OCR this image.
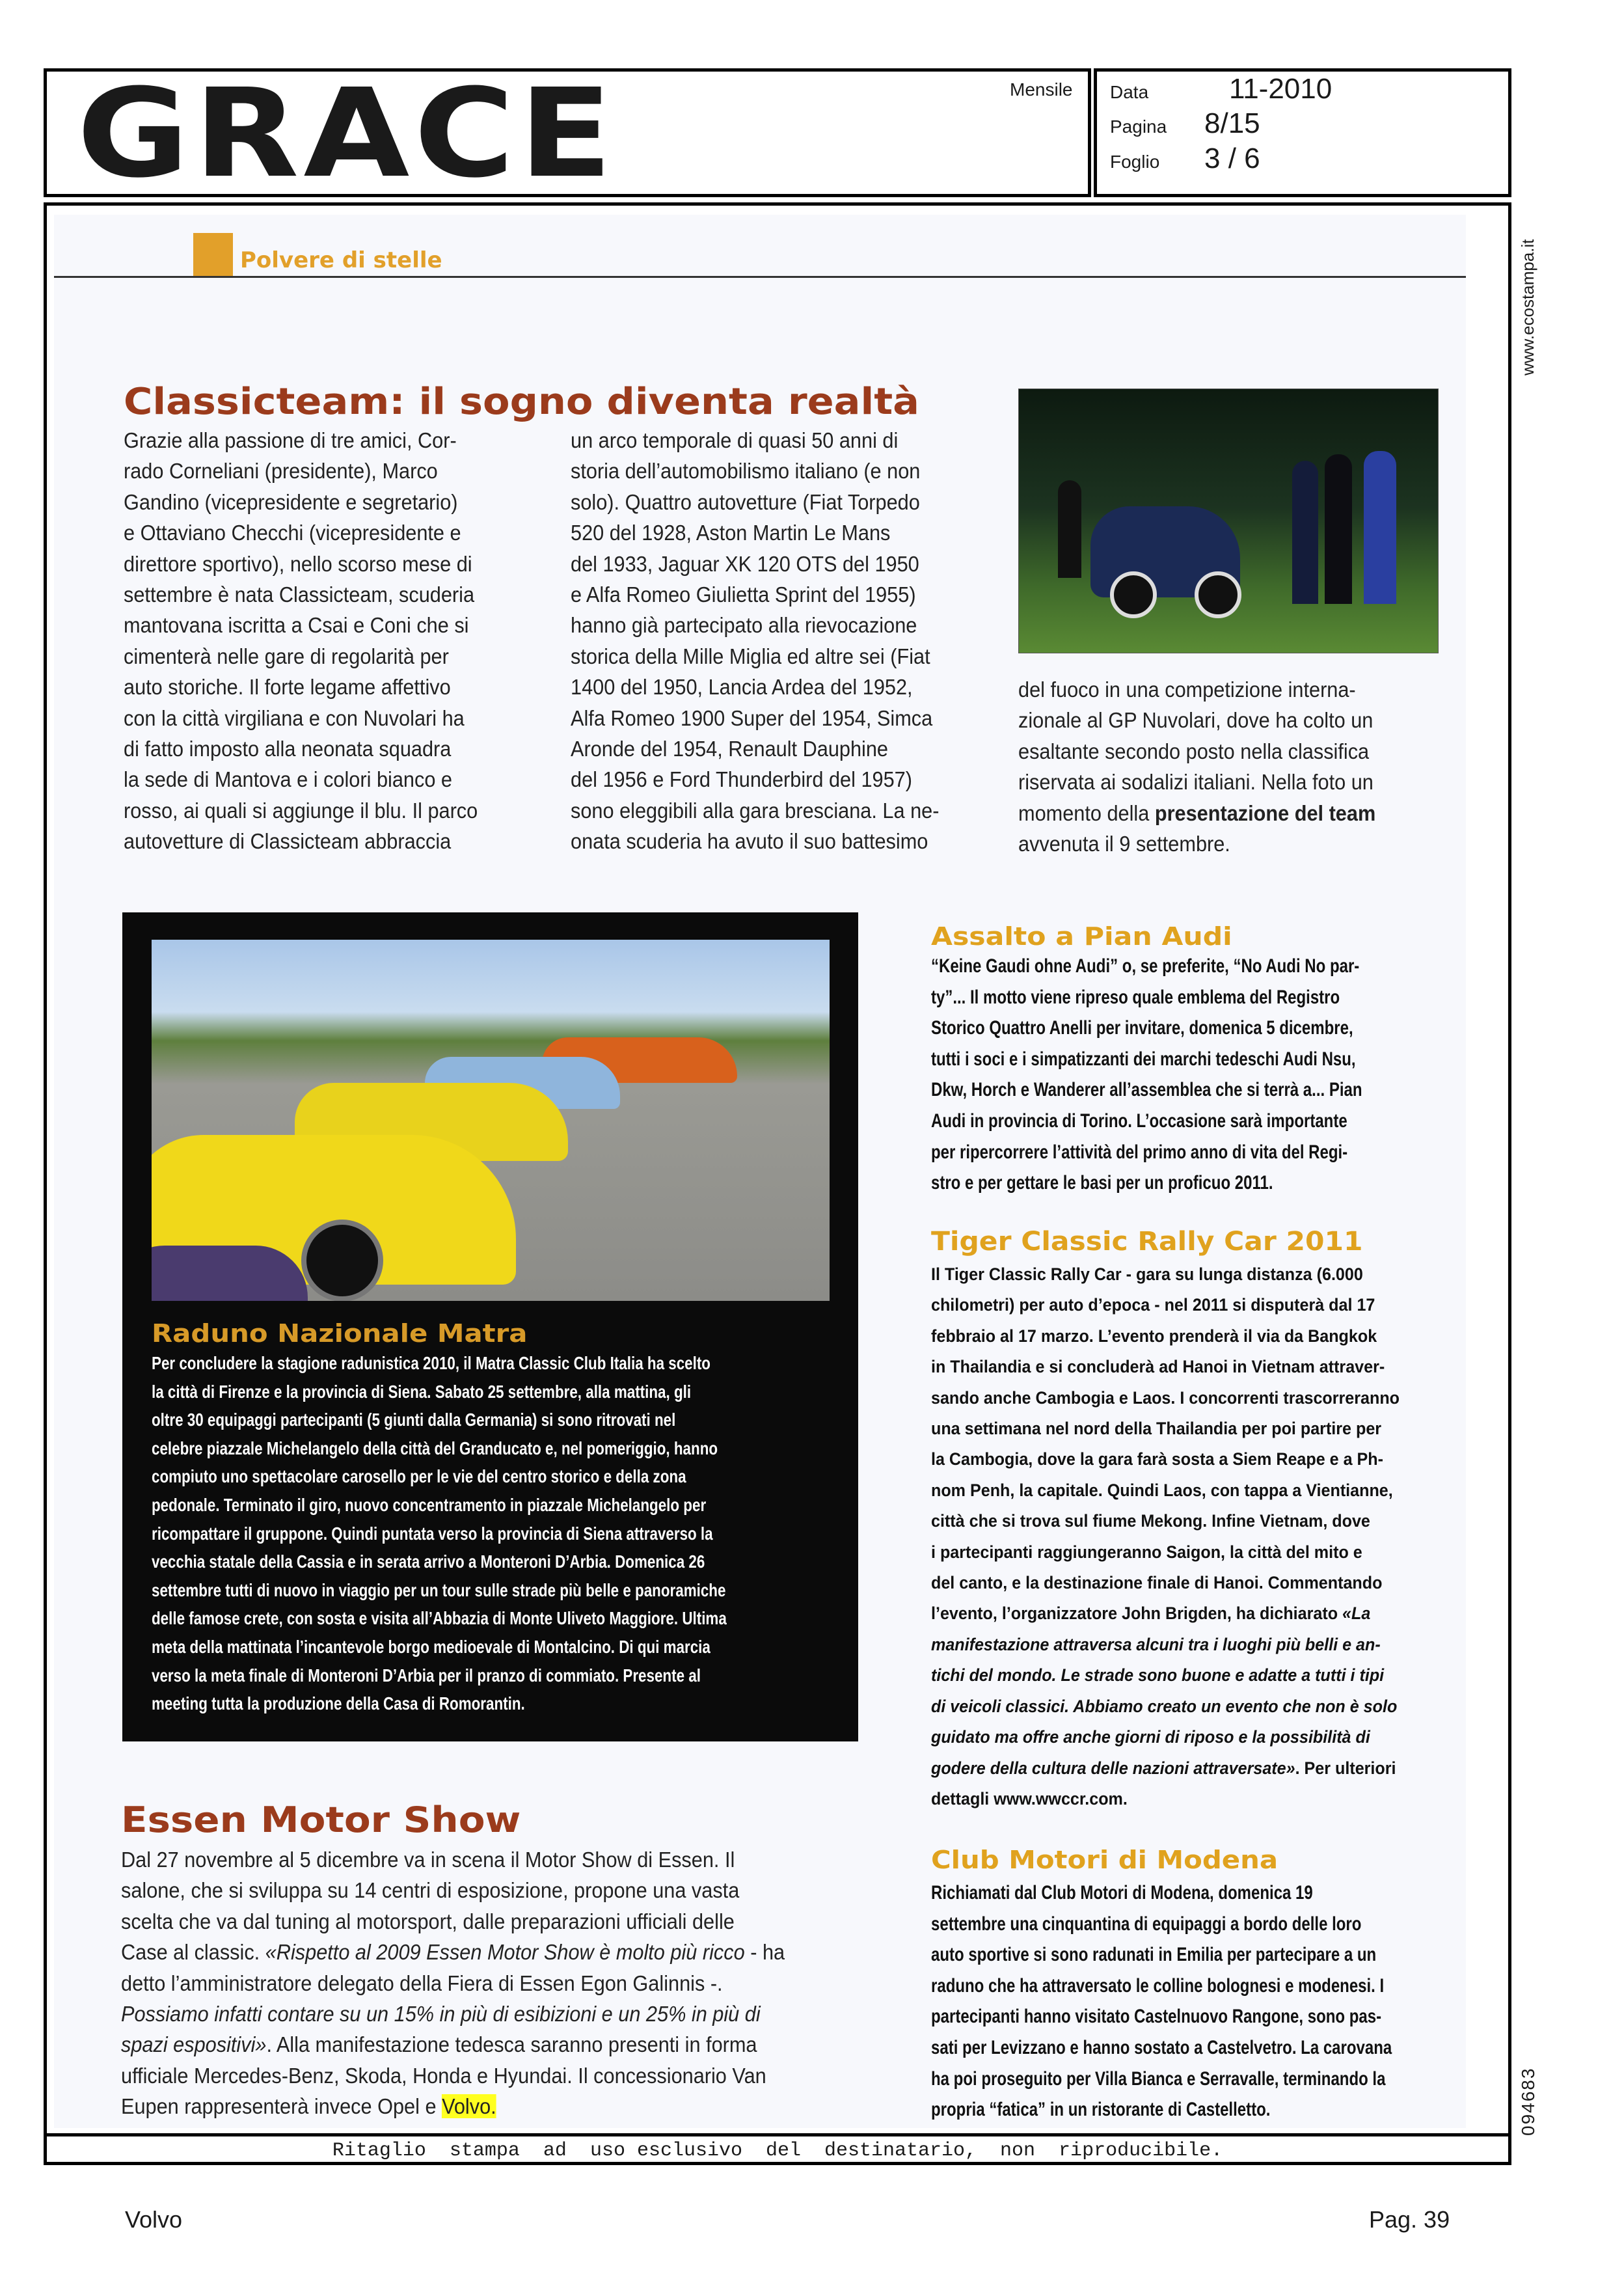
GRACE	Mensile Data	11-2010
Pagina 8/15
Foglio 3 / 6
Ritaglio  stampa  ad  uso esclusivo  del  destinatario,  non  riproducibile.
www.ecostampa.it
094683
Polvere di stelle
Classicteam: il sogno diventa realtà
Grazie alla passione di tre amici, Cor-
rado Corneliani (presidente), Marco
Gandino (vicepresidente e segretario)
e Ottaviano Checchi (vicepresidente e
direttore sportivo), nello scorso mese di
settembre è nata Classicteam, scuderia
mantovana iscritta a Csai e Coni che si
cimenterà nelle gare di regolarità per
auto storiche. Il forte legame affettivo
con la città virgiliana e con Nuvolari ha
di fatto imposto alla neonata squadra
la sede di Mantova e i colori bianco e
rosso, ai quali si aggiunge il blu. Il parco
autovetture di Classicteam abbraccia
un arco temporale di quasi 50 anni di
storia dell’automobilismo italiano (e non
solo). Quattro autovetture (Fiat Torpedo
520 del 1928, Aston Martin Le Mans
del 1933, Jaguar XK 120 OTS del 1950
e Alfa Romeo Giulietta Sprint del 1955)
hanno già partecipato alla rievocazione
storica della Mille Miglia ed altre sei (Fiat
1400 del 1950, Lancia Ardea del 1952,
Alfa Romeo 1900 Super del 1954, Simca
Aronde del 1954, Renault Dauphine
del 1956 e Ford Thunderbird del 1957)
sono eleggibili alla gara bresciana. La ne-
onata scuderia ha avuto il suo battesimo
del fuoco in una competizione interna-
zionale al GP Nuvolari, dove ha colto un
esaltante secondo posto nella classifica
riservata ai sodalizi italiani. Nella foto un
momento della presentazione del team
avvenuta il 9 settembre.
Raduno Nazionale Matra
Per concludere la stagione radunistica 2010, il Matra Classic Club Italia ha scelto
la città di Firenze e la provincia di Siena. Sabato 25 settembre, alla mattina, gli
oltre 30 equipaggi partecipanti (5 giunti dalla Germania) si sono ritrovati nel
celebre piazzale Michelangelo della città del Granducato e, nel pomeriggio, hanno
compiuto uno spettacolare carosello per le vie del centro storico e della zona
pedonale. Terminato il giro, nuovo concentramento in piazzale Michelangelo per
ricompattare il gruppone. Quindi puntata verso la provincia di Siena attraverso la
vecchia statale della Cassia e in serata arrivo a Monteroni D’Arbia. Domenica 26
settembre tutti di nuovo in viaggio per un tour sulle strade più belle e panoramiche
delle famose crete, con sosta e visita all’Abbazia di Monte Uliveto Maggiore. Ultima
meta della mattinata l’incantevole borgo medioevale di Montalcino. Di qui marcia
verso la meta finale di Monteroni D’Arbia per il pranzo di commiato. Presente al
meeting tutta la produzione della Casa di Romorantin.
Assalto a Pian Audi
“Keine Gaudi ohne Audi” o, se preferite, “No Audi No par-
ty”... Il motto viene ripreso quale emblema del Registro
Storico Quattro Anelli per invitare, domenica 5 dicembre,
tutti i soci e i simpatizzanti dei marchi tedeschi Audi Nsu,
Dkw, Horch e Wanderer all’assemblea che si terrà a... Pian
Audi in provincia di Torino. L’occasione sarà importante
per ripercorrere l’attività del primo anno di vita del Regi-
stro e per gettare le basi per un proficuo 2011.
Tiger Classic Rally Car 2011
Il Tiger Classic Rally Car - gara su lunga distanza (6.000
chilometri) per auto d’epoca - nel 2011 si disputerà dal 17
febbraio al 17 marzo. L’evento prenderà il via da Bangkok
in Thailandia e si concluderà ad Hanoi in Vietnam attraver-
sando anche Cambogia e Laos. I concorrenti trascorreranno
una settimana nel nord della Thailandia per poi partire per
la Cambogia, dove la gara farà sosta a Siem Reape e a Ph-
nom Penh, la capitale. Quindi Laos, con tappa a Vientianne,
città che si trova sul fiume Mekong. Infine Vietnam, dove
i partecipanti raggiungeranno Saigon, la città del mito e
del canto, e la destinazione finale di Hanoi. Commentando
l’evento, l’organizzatore John Brigden, ha dichiarato «La
manifestazione attraversa alcuni tra i luoghi più belli e an-
tichi del mondo. Le strade sono buone e adatte a tutti i tipi
di veicoli classici. Abbiamo creato un evento che non è solo
guidato ma offre anche giorni di riposo e la possibilità di
godere della cultura delle nazioni attraversate». Per ulteriori
dettagli www.wwccr.com.
Club Motori di Modena
Richiamati dal Club Motori di Modena, domenica 19
settembre una cinquantina di equipaggi a bordo delle loro
auto sportive si sono radunati in Emilia per partecipare a un
raduno che ha attraversato le colline bolognesi e modenesi. I
partecipanti hanno visitato Castelnuovo Rangone, sono pas-
sati per Levizzano e hanno sostato a Castelvetro. La carovana
ha poi proseguito per Villa Bianca e Serravalle, terminando la
propria “fatica” in un ristorante di Castelletto.
Essen Motor Show
Dal 27 novembre al 5 dicembre va in scena il Motor Show di Essen. Il
salone, che si sviluppa su 14 centri di esposizione, propone una vasta
scelta che va dal tuning al motorsport, dalle preparazioni ufficiali delle
Case al classic. «Rispetto al 2009 Essen Motor Show è molto più ricco - ha
detto l’amministratore delegato della Fiera di Essen Egon Galinnis -.
Possiamo infatti contare su un 15% in più di esibizioni e un 25% in più di
spazi espositivi». Alla manifestazione tedesca saranno presenti in forma
ufficiale Mercedes-Benz, Skoda, Honda e Hyundai. Il concessionario Van
Eupen rappresenterà invece Opel e Volvo.
Volvo	Pag. 39
